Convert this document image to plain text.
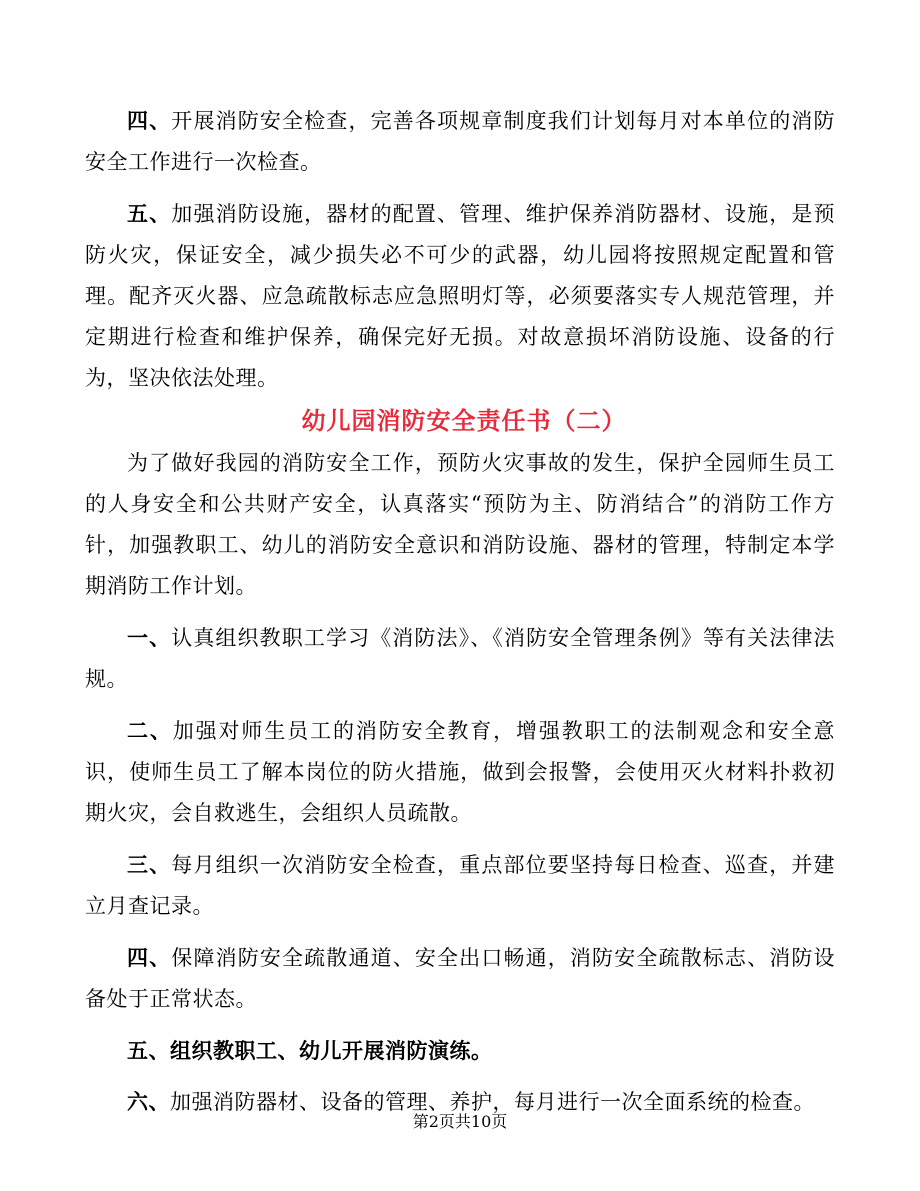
四、开展消防安全检查，完善各项规章制度我们计划每月对本单位的消防安全工作进行一次检查。

五、加强消防设施，器材的配置、管理、维护保养消防器材、设施，是预防火灾，保证安全，减少损失必不可少的武器，幼儿园将按照规定配置和管理。配齐灭火器、应急疏散标志应急照明灯等，必须要落实专人规范管理，并定期进行检查和维护保养，确保完好无损。对故意损坏消防设施、设备的行为，坚决依法处理。

幼儿园消防安全责任书（二）

为了做好我园的消防安全工作，预防火灾事故的发生，保护全园师生员工的人身安全和公共财产安全，认真落实“预防为主、防消结合”的消防工作方针，加强教职工、幼儿的消防安全意识和消防设施、器材的管理，特制定本学期消防工作计划。

一、认真组织教职工学习《消防法》、《消防安全管理条例》等有关法律法规。

二、加强对师生员工的消防安全教育，增强教职工的法制观念和安全意识，使师生员工了解本岗位的防火措施，做到会报警，会使用灭火材料扑救初期火灾，会自救逃生，会组织人员疏散。

三、每月组织一次消防安全检查，重点部位要坚持每日检查、巡查，并建立月查记录。

四、保障消防安全疏散通道、安全出口畅通，消防安全疏散标志、消防设备处于正常状态。

五、组织教职工、幼儿开展消防演练。

六、加强消防器材、设备的管理、养护，每月进行一次全面系统的检查。

第2页共10页
